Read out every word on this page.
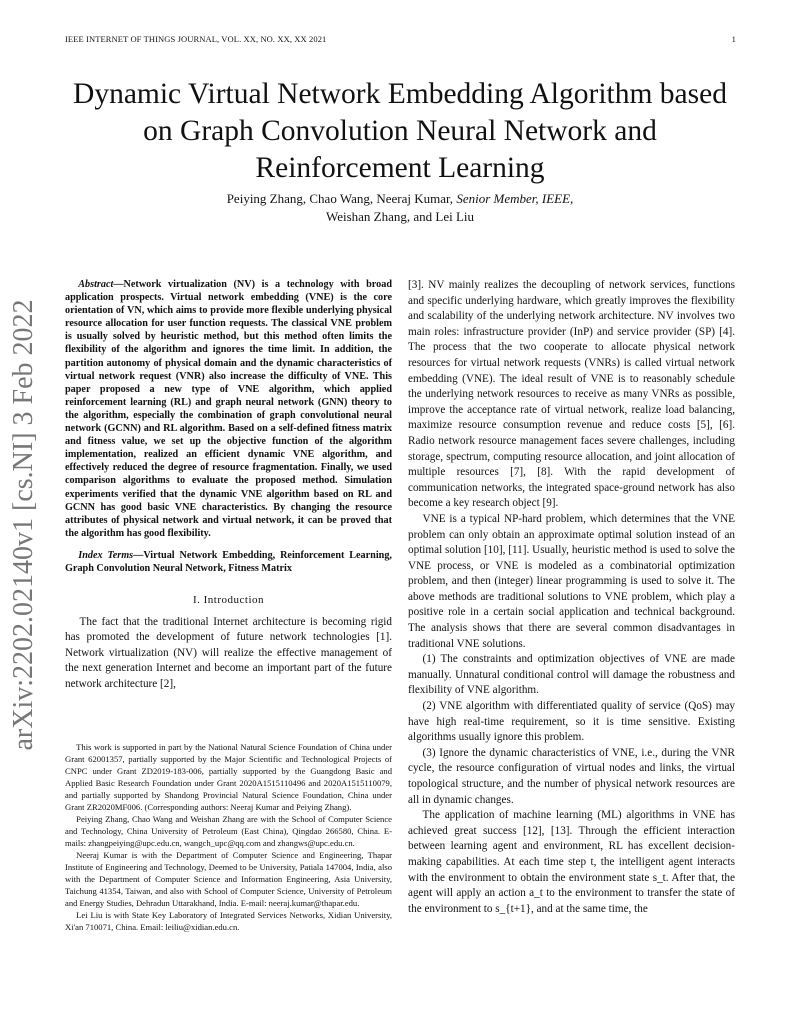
IEEE INTERNET OF THINGS JOURNAL, VOL. XX, NO. XX, XX 2021	1
arXiv:2202.02140v1 [cs.NI] 3 Feb 2022
Dynamic Virtual Network Embedding Algorithm based on Graph Convolution Neural Network and Reinforcement Learning
Peiying Zhang, Chao Wang, Neeraj Kumar, Senior Member, IEEE,
Weishan Zhang, and Lei Liu

Abstract—Network virtualization (NV) is a technology with broad application prospects. Virtual network embedding (VNE) is the core orientation of VN, which aims to provide more flexible underlying physical resource allocation for user function requests. The classical VNE problem is usually solved by heuristic method, but this method often limits the flexibility of the algorithm and ignores the time limit. In addition, the partition autonomy of physical domain and the dynamic characteristics of virtual network request (VNR) also increase the difficulty of VNE. This paper proposed a new type of VNE algorithm, which applied reinforcement learning (RL) and graph neural network (GNN) theory to the algorithm, especially the combination of graph convolutional neural network (GCNN) and RL algorithm. Based on a self-defined fitness matrix and fitness value, we set up the objective function of the algorithm implementation, realized an efficient dynamic VNE algorithm, and effectively reduced the degree of resource fragmentation. Finally, we used comparison algorithms to evaluate the proposed method. Simulation experiments verified that the dynamic VNE algorithm based on RL and GCNN has good basic VNE characteristics. By changing the resource attributes of physical network and virtual network, it can be proved that the algorithm has good flexibility.

Index Terms—Virtual Network Embedding, Reinforcement Learning, Graph Convolution Neural Network, Fitness Matrix

I. Introduction

The fact that the traditional Internet architecture is becoming rigid has promoted the development of future network technologies [1]. Network virtualization (NV) will realize the effective management of the next generation Internet and become an important part of the future network architecture [2],

This work is supported in part by the National Natural Science Foundation of China under Grant 62001357, partially supported by the Major Scientific and Technological Projects of CNPC under Grant ZD2019-183-006, partially supported by the Guangdong Basic and Applied Basic Research Foundation under Grant 2020A1515110496 and 2020A1515110079, and partially supported by Shandong Provincial Natural Science Foundation, China under Grant ZR2020MF006. (Corresponding authors: Neeraj Kumar and Peiying Zhang).

Peiying Zhang, Chao Wang and Weishan Zhang are with the School of Computer Science and Technology, China University of Petroleum (East China), Qingdao 266580, China. E-mails: zhangpeiying@upc.edu.cn, wangch_upc@qq.com and zhangws@upc.edu.cn.

Neeraj Kumar is with the Department of Computer Science and Engineering, Thapar Institute of Engineering and Technology, Deemed to be University, Patiala 147004, India, also with the Department of Computer Science and Information Engineering, Asia University, Taichung 41354, Taiwan, and also with School of Computer Science, University of Petroleum and Energy Studies, Dehradun Uttarakhand, India. E-mail: neeraj.kumar@thapar.edu.

Lei Liu is with State Key Laboratory of Integrated Services Networks, Xidian University, Xi'an 710071, China. Email: leiliu@xidian.edu.cn.

[3]. NV mainly realizes the decoupling of network services, functions and specific underlying hardware, which greatly improves the flexibility and scalability of the underlying network architecture. NV involves two main roles: infrastructure provider (InP) and service provider (SP) [4]. The process that the two cooperate to allocate physical network resources for virtual network requests (VNRs) is called virtual network embedding (VNE). The ideal result of VNE is to reasonably schedule the underlying network resources to receive as many VNRs as possible, improve the acceptance rate of virtual network, realize load balancing, maximize resource consumption revenue and reduce costs [5], [6]. Radio network resource management faces severe challenges, including storage, spectrum, computing resource allocation, and joint allocation of multiple resources [7], [8]. With the rapid development of communication networks, the integrated space-ground network has also become a key research object [9].

VNE is a typical NP-hard problem, which determines that the VNE problem can only obtain an approximate optimal solution instead of an optimal solution [10], [11]. Usually, heuristic method is used to solve the VNE process, or VNE is modeled as a combinatorial optimization problem, and then (integer) linear programming is used to solve it. The above methods are traditional solutions to VNE problem, which play a positive role in a certain social application and technical background. The analysis shows that there are several common disadvantages in traditional VNE solutions.

(1) The constraints and optimization objectives of VNE are made manually. Unnatural conditional control will damage the robustness and flexibility of VNE algorithm.

(2) VNE algorithm with differentiated quality of service (QoS) may have high real-time requirement, so it is time sensitive. Existing algorithms usually ignore this problem.

(3) Ignore the dynamic characteristics of VNE, i.e., during the VNR cycle, the resource configuration of virtual nodes and links, the virtual topological structure, and the number of physical network resources are all in dynamic changes.

The application of machine learning (ML) algorithms in VNE has achieved great success [12], [13]. Through the efficient interaction between learning agent and environment, RL has excellent decision-making capabilities. At each time step t, the intelligent agent interacts with the environment to obtain the environment state s_t. After that, the agent will apply an action a_t to the environment to transfer the state of the environment to s_{t+1}, and at the same time, the
